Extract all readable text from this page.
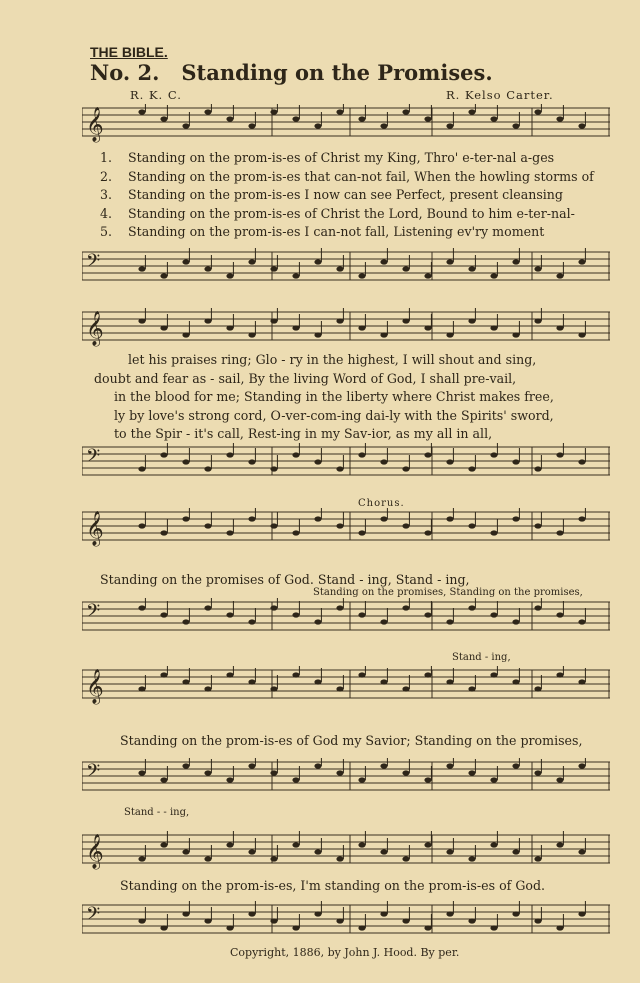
THE BIBLE.
No. 2. Standing on the Promises.
R. K. C.	R. Kelso Carter.
𝄞
𝄢
𝄞
𝄢
𝄞
𝄢
𝄞
𝄢
𝄞
𝄢
1. Standing on the prom-is-es of Christ my King, Thro' e-ter-nal a-ges
2. Standing on the prom-is-es that can-not fail, When the howling storms of
3. Standing on the prom-is-es I now can see Perfect, present cleansing
4. Standing on the prom-is-es of Christ the Lord, Bound to him e-ter-nal-
5. Standing on the prom-is-es I can-not fall, Listening ev'ry moment
let his praises ring; Glo - ry in the highest, I will shout and sing,
doubt and fear as - sail, By the living Word of God, I shall pre-vail,
in the blood for me; Standing in the liberty where Christ makes free,
ly by love's strong cord, O-ver-com-ing dai-ly with the Spirits' sword,
to the Spir - it's call, Rest-ing in my Sav-ior, as my all in all,
Chorus.
Standing on the promises of God. Stand - ing, Stand - ing,
Standing on the promises, Standing on the promises,
Stand - ing,
Standing on the prom-is-es of God my Savior; Standing on the promises,
Stand - - ing,
Standing on the prom-is-es, I'm standing on the prom-is-es of God.
Copyright, 1886, by John J. Hood. By per.
